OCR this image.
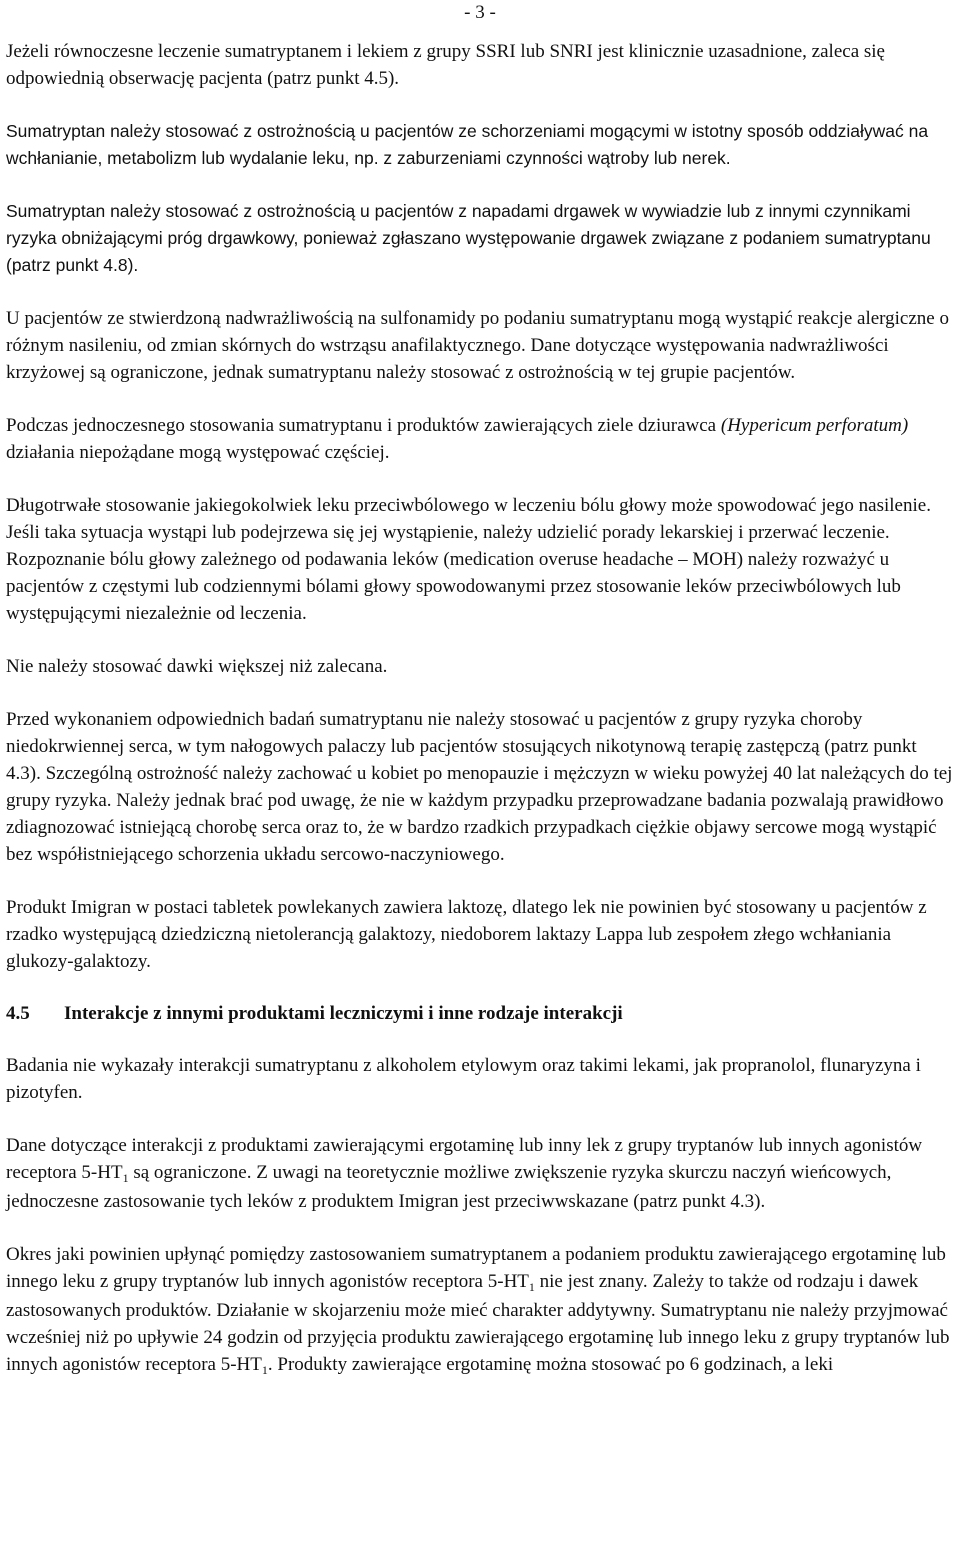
- 3 -

Jeżeli równoczesne leczenie sumatryptanem i lekiem z grupy SSRI lub SNRI jest klinicznie uzasadnione, zaleca się odpowiednią obserwację pacjenta (patrz punkt 4.5).

Sumatryptan należy stosować z ostrożnością u pacjentów ze schorzeniami mogącymi w istotny sposób oddziaływać na wchłanianie, metabolizm lub wydalanie leku, np. z zaburzeniami czynności wątroby lub nerek.

Sumatryptan należy stosować z ostrożnością u pacjentów z napadami drgawek w wywiadzie lub z innymi czynnikami ryzyka obniżającymi próg drgawkowy, ponieważ zgłaszano występowanie drgawek związane z podaniem sumatryptanu (patrz punkt 4.8).

U pacjentów ze stwierdzoną nadwrażliwością na sulfonamidy po podaniu sumatryptanu mogą wystąpić reakcje alergiczne o różnym nasileniu, od zmian skórnych do wstrząsu anafilaktycznego. Dane dotyczące występowania nadwrażliwości krzyżowej są ograniczone, jednak sumatryptanu należy stosować z ostrożnością w tej grupie pacjentów.

Podczas jednoczesnego stosowania sumatryptanu i produktów zawierających ziele dziurawca (Hypericum perforatum) działania niepożądane mogą występować częściej.

Długotrwałe stosowanie jakiegokolwiek leku przeciwbólowego w leczeniu bólu głowy może spowodować jego nasilenie. Jeśli taka sytuacja wystąpi lub podejrzewa się jej wystąpienie, należy udzielić porady lekarskiej i przerwać leczenie. Rozpoznanie bólu głowy zależnego od podawania leków (medication overuse headache – MOH) należy rozważyć u pacjentów z częstymi lub codziennymi bólami głowy spowodowanymi przez stosowanie leków przeciwbólowych lub występującymi niezależnie od leczenia.

Nie należy stosować dawki większej niż zalecana.

Przed wykonaniem odpowiednich badań sumatryptanu nie należy stosować u pacjentów z grupy ryzyka choroby niedokrwiennej serca, w tym nałogowych palaczy lub pacjentów stosujących nikotynową terapię zastępczą (patrz punkt 4.3). Szczególną ostrożność należy zachować u kobiet po menopauzie i mężczyzn w wieku powyżej 40 lat należących do tej grupy ryzyka. Należy jednak brać pod uwagę, że nie w każdym przypadku przeprowadzane badania pozwalają prawidłowo zdiagnozować istniejącą chorobę serca oraz to, że w bardzo rzadkich przypadkach ciężkie objawy sercowe mogą wystąpić bez współistniejącego schorzenia układu sercowo-naczyniowego.

Produkt Imigran w postaci tabletek powlekanych zawiera laktozę, dlatego lek nie powinien być stosowany u pacjentów z rzadko występującą dziedziczną nietolerancją galaktozy, niedoborem laktazy Lappa lub zespołem złego wchłaniania glukozy-galaktozy.

4.5	Interakcje z innymi produktami leczniczymi i inne rodzaje interakcji

Badania nie wykazały interakcji sumatryptanu z alkoholem etylowym oraz takimi lekami, jak propranolol, flunaryzyna i pizotyfen.

Dane dotyczące interakcji z produktami zawierającymi ergotaminę lub inny lek z grupy tryptanów lub innych agonistów receptora $5-HT_1$ są ograniczone. Z uwagi na teoretycznie możliwe zwiększenie ryzyka skurczu naczyń wieńcowych, jednoczesne zastosowanie tych leków z produktem Imigran jest przeciwwskazane (patrz punkt 4.3).

Okres jaki powinien upłynąć pomiędzy zastosowaniem sumatryptanem a podaniem produktu zawierającego ergotaminę lub innego leku z grupy tryptanów lub innych agonistów receptora $5-HT_1$ nie jest znany. Zależy to także od rodzaju i dawek zastosowanych produktów. Działanie w skojarzeniu może mieć charakter addytywny. Sumatryptanu nie należy przyjmować wcześniej niż po upływie 24 godzin od przyjęcia produktu zawierającego ergotaminę lub innego leku z grupy tryptanów lub innych agonistów receptora $5-HT_1$. Produkty zawierające ergotaminę można stosować po 6 godzinach, a leki
